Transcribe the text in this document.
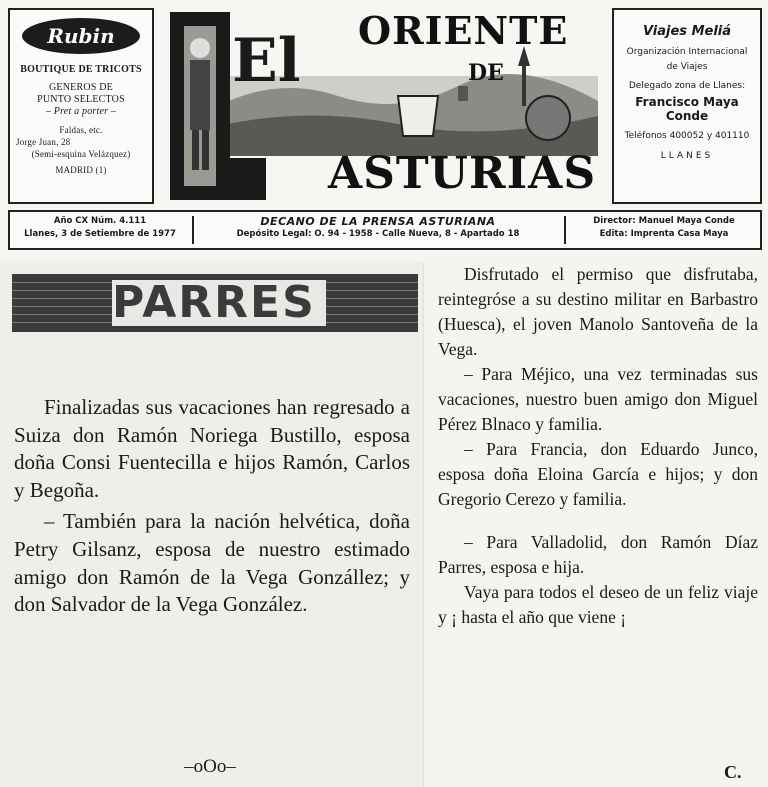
Rubin
BOUTIQUE DE TRICOTS
GENEROS DE
PUNTO SELECTOS
– Pret a porter –
Faldas, etc.
Jorge Juan, 28
(Semi-esquina Velázquez)
MADRID (1)
El ORIENTE
DE
ASTURIAS
Viajes Meliá
Organización Internacional
de Viajes
Delegado zona de Llanes:
Francisco Maya Conde
Teléfonos 400052 y 401110
LLANES
Año CX Núm. 4.111
Llanes, 3 de Setiembre de 1977
DECANO DE LA PRENSA ASTURIANA
Depósito Legal: O. 94 - 1958 - Calle Nueva, 8 - Apartado 18
Director: Manuel Maya Conde
Edita: Imprenta Casa Maya
PARRES

Finalizadas sus vacaciones han regresado a Suiza don Ramón Noriega Bustillo, esposa doña Consi Fuentecilla e hijos Ramón, Carlos y Begoña.

– También para la nación helvética, doña Petry Gilsanz, esposa de nuestro estimado amigo don Ramón de la Vega Gonzállez; y don Salvador de la Vega González.

–oOo–

Disfrutado el permiso que disfrutaba, reintegróse a su destino militar en Barbastro (Huesca), el joven Manolo Santoveña de la Vega.

– Para Méjico, una vez terminadas sus vacaciones, nuestro buen amigo don Miguel Pérez Blnaco y familia.

– Para Francia, don Eduardo Junco, esposa doña Eloina García e hijos; y don Gregorio Cerezo y familia.

– Para Valladolid, don Ramón Díaz Parres, esposa e hija.

Vaya para todos el deseo de un feliz viaje y ¡ hasta el año que viene ¡

C.
